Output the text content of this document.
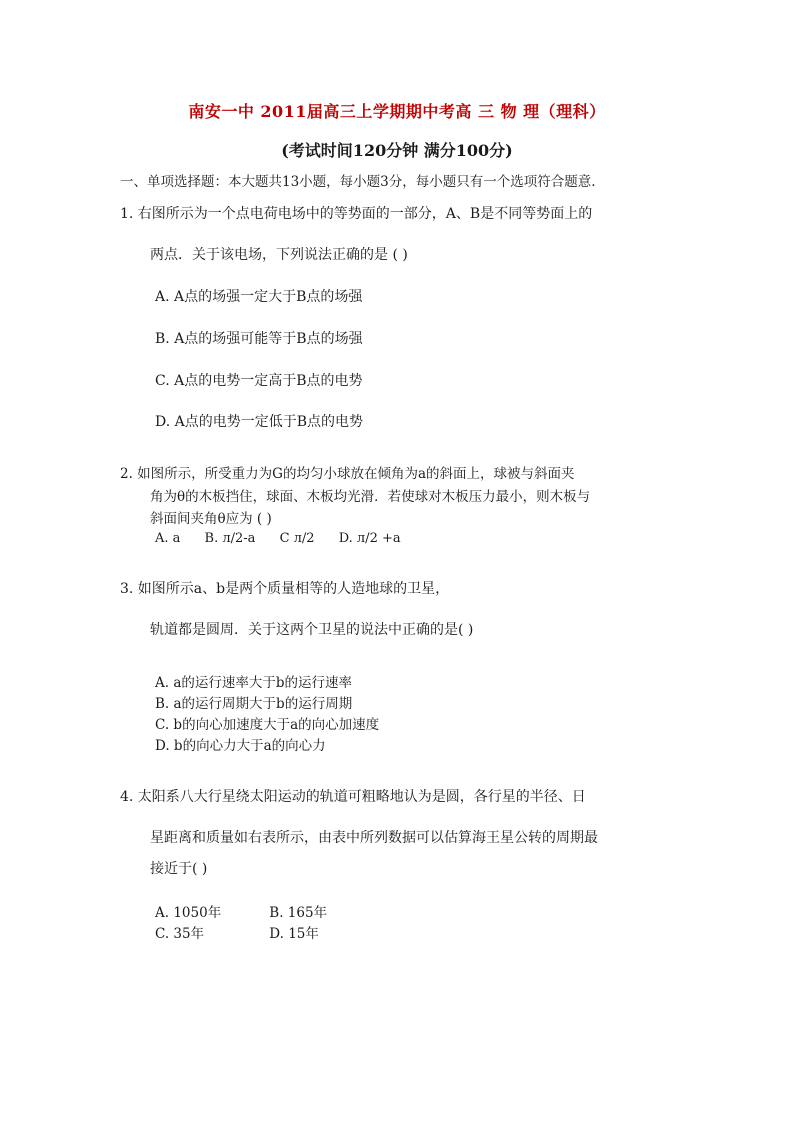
南安一中 2011届高三上学期期中考高 三 物 理（理科）
(考试时间120分钟 满分100分)
一、单项选择题：本大题共13小题，每小题3分，每小题只有一个选项符合题意.
1. 右图所示为一个点电荷电场中的等势面的一部分，A、B是不同等势面上的
两点．关于该电场，下列说法正确的是 ( )
A. A点的场强一定大于B点的场强
B. A点的场强可能等于B点的场强
C. A点的电势一定高于B点的电势
D. A点的电势一定低于B点的电势
2. 如图所示，所受重力为G的均匀小球放在倾角为a的斜面上，球被与斜面夹
角为θ的木板挡住，球面、木板均光滑．若使球对木板压力最小，则木板与
斜面间夹角θ应为 ( )
A. a B. л/2-a C л/2 D. л/2 +a
3. 如图所示a、b是两个质量相等的人造地球的卫星，
轨道都是圆周．关于这两个卫星的说法中正确的是( )
A. a的运行速率大于b的运行速率
B. a的运行周期大于b的运行周期
C. b的向心加速度大于a的向心加速度
D. b的向心力大于a的向心力
4. 太阳系八大行星绕太阳运动的轨道可粗略地认为是圆，各行星的半径、日
星距离和质量如右表所示，由表中所列数据可以估算海王星公转的周期最
接近于( )
A. 1050年	B. 165年
C. 35年	D. 15年
